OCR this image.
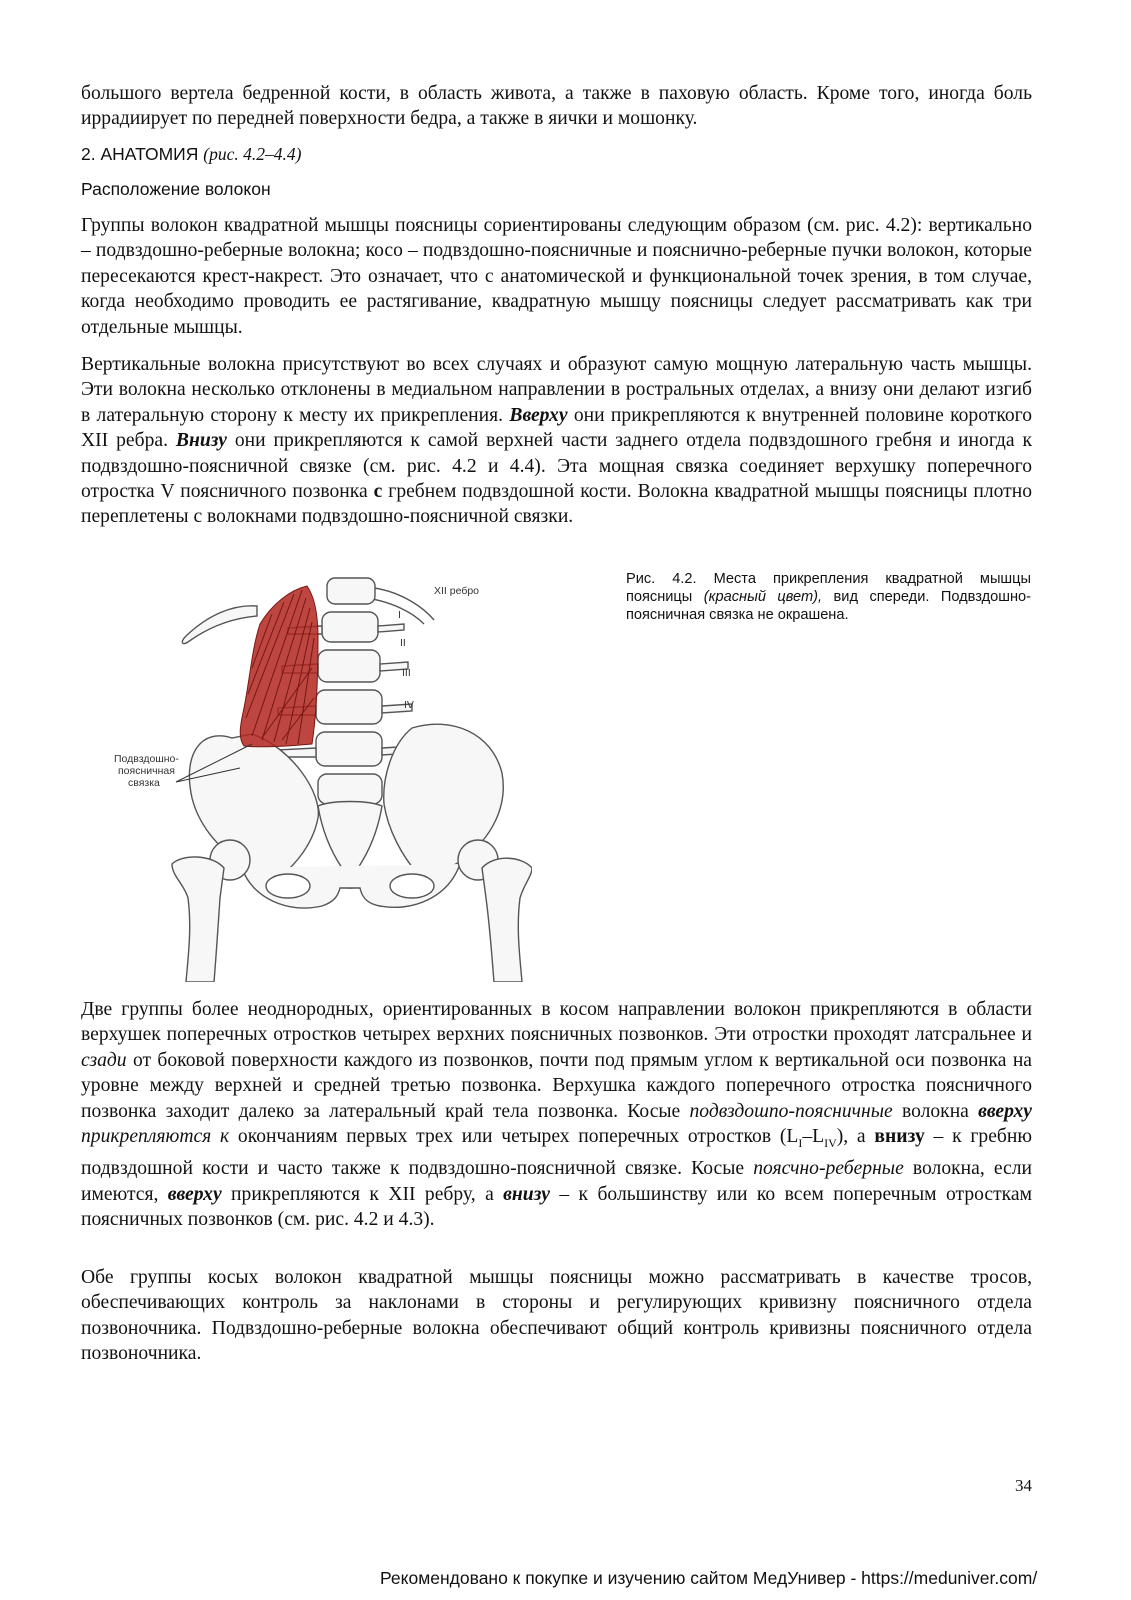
большого вертела бедренной кости, в область живота, а также в паховую область. Кроме того, иногда боль иррадиирует по передней поверхности бедра, а также в яички и мошонку.

2. АНАТОМИЯ (рис. 4.2–4.4)
Расположение волокон

Группы волокон квадратной мышцы поясницы сориентированы следующим образом (см. рис. 4.2): вертикально – подвздошно-реберные волокна; косо – подвздошно-поясничные и пояснично-реберные пучки волокон, которые пересекаются крест-накрест. Это означает, что с анатомической и функциональной точек зрения, в том случае, когда необходимо проводить ее растягивание, квадратную мышцу поясницы следует рассматривать как три отдельные мышцы.

Вертикальные волокна присутствуют во всех случаях и образуют самую мощную латеральную часть мышцы. Эти волокна несколько отклонены в медиальном направлении в ростральных отделах, а внизу они делают изгиб в латеральную сторону к месту их прикрепления. Вверху они прикрепляются к внутренней половине короткого XII ребра. Внизу они прикрепляются к самой верхней части заднего отдела подвздошного гребня и иногда к подвздошно-поясничной связке (см. рис. 4.2 и 4.4). Эта мощная связка соединяет верхушку поперечного отростка V поясничного позвонка с гребнем подвздошной кости. Волокна квадратной мышцы поясницы плотно переплетены с волокнами подвздошно-поясничной связки.

XII ребро
I
II
III
IV
Подвздошно-
поясничная
связка

Рис. 4.2. Места прикрепления квадратной мышцы поясницы (красный цвет), вид спереди. Подвздошно-поясничная связка не окрашена.

Две группы более неоднородных, ориентированных в косом направлении волокон прикрепляются в области верхушек поперечных отростков четырех верхних поясничных позвонков. Эти отростки проходят латсральнее и сзади от боковой поверхности каждого из позвонков, почти под прямым углом к вертикальной оси позвонка на уровне между верхней и средней третью позвонка. Верхушка каждого поперечного отростка поясничного позвонка заходит далеко за латеральный край тела позвонка. Косые подвздошпо-поясничные волокна вверху прикрепляются к окончаниям первых трех или четырех поперечных отростков $(L_I-L_{IV})$, а внизу – к гребню подвздошной кости и часто также к подвздошно-поясничной связке. Косые поясчно-реберные волокна, если имеются, вверху прикрепляются к XII ребру, а внизу – к большинству или ко всем поперечным отросткам поясничных позвонков (см. рис. 4.2 и 4.3).

Обе группы косых волокон квадратной мышцы поясницы можно рассматривать в качестве тросов, обеспечивающих контроль за наклонами в стороны и регулирующих кривизну поясничного отдела позвоночника. Подвздошно-реберные волокна обеспечивают общий контроль кривизны поясничного отдела позвоночника.

34
Рекомендовано к покупке и изучению сайтом МедУнивер - https://meduniver.com/
